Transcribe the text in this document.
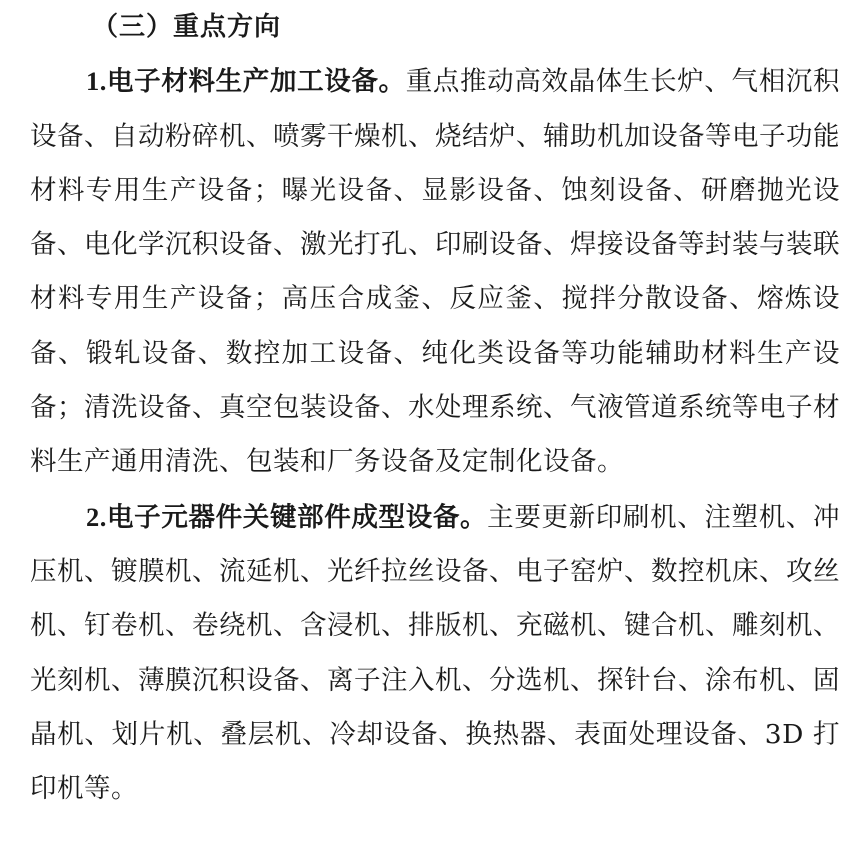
（三）重点方向

1.电子材料生产加工设备。重点推动高效晶体生长炉、气相沉积设备、自动粉碎机、喷雾干燥机、烧结炉、辅助机加设备等电子功能材料专用生产设备；曝光设备、显影设备、蚀刻设备、研磨抛光设备、电化学沉积设备、激光打孔、印刷设备、焊接设备等封装与装联材料专用生产设备；高压合成釜、反应釜、搅拌分散设备、熔炼设备、锻轧设备、数控加工设备、纯化类设备等功能辅助材料生产设备；清洗设备、真空包装设备、水处理系统、气液管道系统等电子材料生产通用清洗、包装和厂务设备及定制化设备。

2.电子元器件关键部件成型设备。主要更新印刷机、注塑机、冲压机、镀膜机、流延机、光纤拉丝设备、电子窑炉、数控机床、攻丝机、钉卷机、卷绕机、含浸机、排版机、充磁机、键合机、雕刻机、光刻机、薄膜沉积设备、离子注入机、分选机、探针台、涂布机、固晶机、划片机、叠层机、冷却设备、换热器、表面处理设备、3D 打印机等。
